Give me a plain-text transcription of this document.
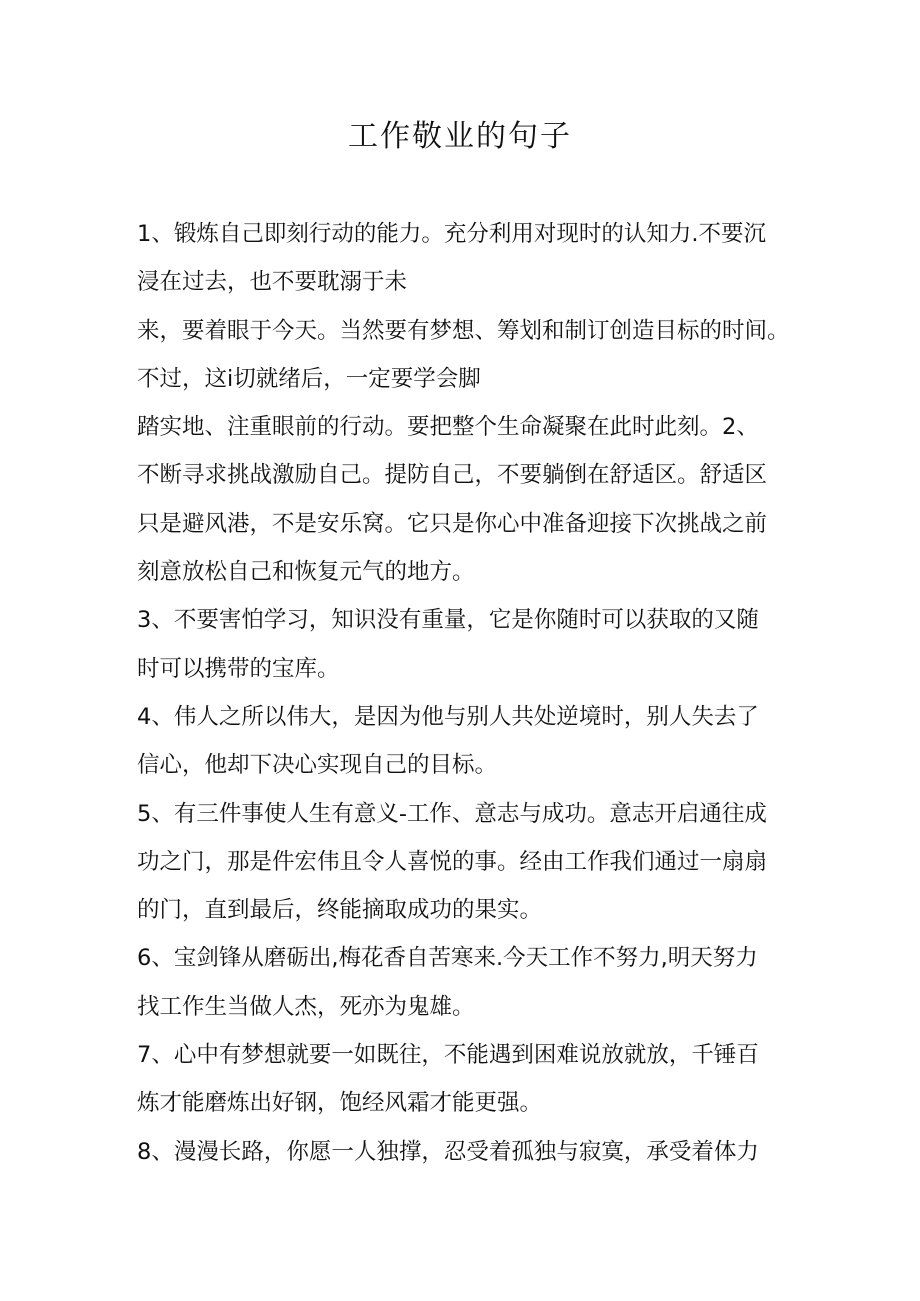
工作敬业的句子
1、锻炼自己即刻行动的能力。充分利用对现时的认知力.不要沉
浸在过去，也不要耽溺于未
来，要着眼于今天。当然要有梦想、筹划和制订创造目标的时间。
不过，这i切就绪后，一定要学会脚
踏实地、注重眼前的行动。要把整个生命凝聚在此时此刻。2、
不断寻求挑战激励自己。提防自己，不要躺倒在舒适区。舒适区
只是避风港，不是安乐窝。它只是你心中准备迎接下次挑战之前
刻意放松自己和恢复元气的地方。
3、不要害怕学习，知识没有重量，它是你随时可以获取的又随
时可以携带的宝库。
4、伟人之所以伟大，是因为他与别人共处逆境时，别人失去了
信心，他却下决心实现自己的目标。
5、有三件事使人生有意义-工作、意志与成功。意志开启通往成
功之门，那是件宏伟且令人喜悦的事。经由工作我们通过一扇扇
的门，直到最后，终能摘取成功的果实。
6、宝剑锋从磨砺出,梅花香自苦寒来.今天工作不努力,明天努力
找工作生当做人杰，死亦为鬼雄。
7、心中有梦想就要一如既往，不能遇到困难说放就放，千锤百
炼才能磨炼出好钢，饱经风霜才能更强。
8、漫漫长路，你愿一人独撑，忍受着孤独与寂寞，承受着体力
